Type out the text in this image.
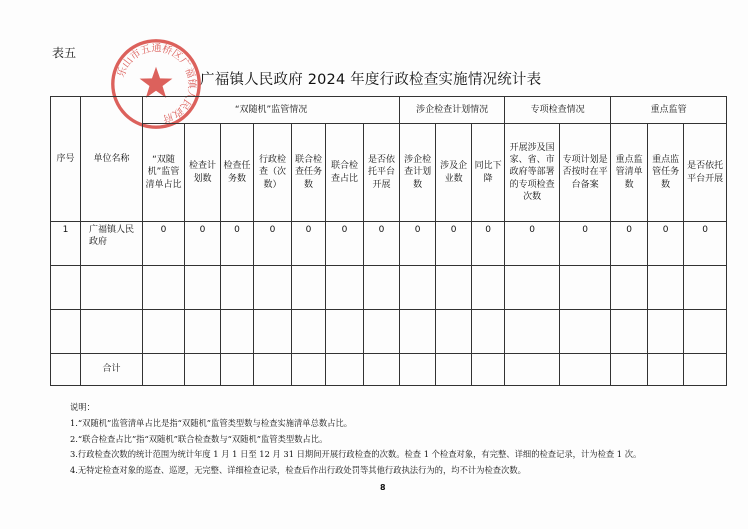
表五
广福镇人民政府 2024 年度行政检查实施情况统计表
乐山市五通桥区广福镇人民政府
序号	单位名称	“双随机”监管情况							涉企检查计划情况			专项检查情况		重点监管		
		“双随机”监管清单占比	检查计划数	检查任务数	行政检查（次数）	联合检查任务数	联合检查占比	是否依托平台开展	涉企检查计划数	涉及企业数	同比下降	开展涉及国家、省、市政府等部署的专项检查次数	专项计划是否按时在平台备案	重点监管清单数	重点监管任务数	是否依托平台开展
1	广福镇人民政府	0	0	0	0	0	0	0	0	0	0	0	0	0	0	0

	合计															
说明：
1.“双随机”监管清单占比是指“双随机”监管类型数与检查实施清单总数占比。
2.“联合检查占比”指“双随机”联合检查数与“双随机”监管类型数占比。
3.行政检查次数的统计范围为统计年度 1 月 1 日至 12 月 31 日期间开展行政检查的次数。检查 1 个检查对象，有完整、详细的检查记录，计为检查 1 次。
4.无特定检查对象的巡查、巡逻，无完整、详细检查记录，检查后作出行政处罚等其他行政执法行为的，均不计为检查次数。
8
